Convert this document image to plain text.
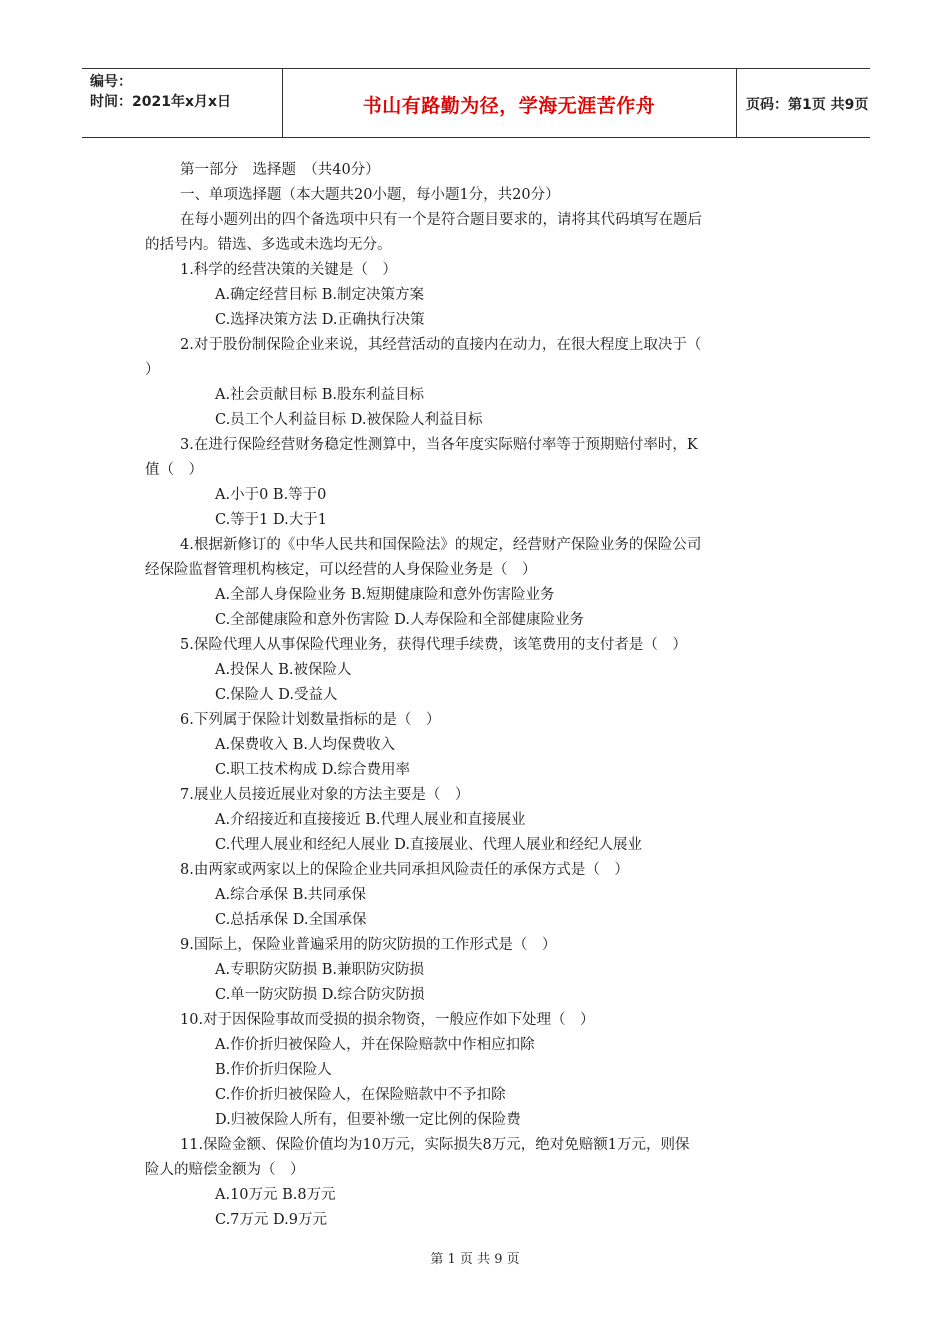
编号：
时间：2021年x月x日	书山有路勤为径，学海无涯苦作舟	页码：第1页 共9页
第一部分　选择题　（共40分）
一、单项选择题（本大题共20小题，每小题1分，共20分）
在每小题列出的四个备选项中只有一个是符合题目要求的，请将其代码填写在题后
的括号内。错选、多选或未选均无分。
1.科学的经营决策的关键是（　）
A.确定经营目标 B.制定决策方案
C.选择决策方法 D.正确执行决策
2.对于股份制保险企业来说，其经营活动的直接内在动力，在很大程度上取决于（
）
A.社会贡献目标 B.股东利益目标
C.员工个人利益目标 D.被保险人利益目标
3.在进行保险经营财务稳定性测算中，当各年度实际赔付率等于预期赔付率时，K
值（　）
A.小于0 B.等于0
C.等于1 D.大于1
4.根据新修订的《中华人民共和国保险法》的规定，经营财产保险业务的保险公司
经保险监督管理机构核定，可以经营的人身保险业务是（　）
A.全部人身保险业务 B.短期健康险和意外伤害险业务
C.全部健康险和意外伤害险 D.人寿保险和全部健康险业务
5.保险代理人从事保险代理业务，获得代理手续费，该笔费用的支付者是（　）
A.投保人 B.被保险人
C.保险人 D.受益人
6.下列属于保险计划数量指标的是（　）
A.保费收入 B.人均保费收入
C.职工技术构成 D.综合费用率
7.展业人员接近展业对象的方法主要是（　）
A.介绍接近和直接接近 B.代理人展业和直接展业
C.代理人展业和经纪人展业 D.直接展业、代理人展业和经纪人展业
8.由两家或两家以上的保险企业共同承担风险责任的承保方式是（　）
A.综合承保 B.共同承保
C.总括承保 D.全国承保
9.国际上，保险业普遍采用的防灾防损的工作形式是（　）
A.专职防灾防损 B.兼职防灾防损
C.单一防灾防损 D.综合防灾防损
10.对于因保险事故而受损的损余物资，一般应作如下处理（　）
A.作价折归被保险人，并在保险赔款中作相应扣除
B.作价折归保险人
C.作价折归被保险人，在保险赔款中不予扣除
D.归被保险人所有，但要补缴一定比例的保险费
11.保险金额、保险价值均为10万元，实际损失8万元，绝对免赔额1万元，则保
险人的赔偿金额为（　）
A.10万元 B.8万元
C.7万元 D.9万元
第 1 页 共 9 页
